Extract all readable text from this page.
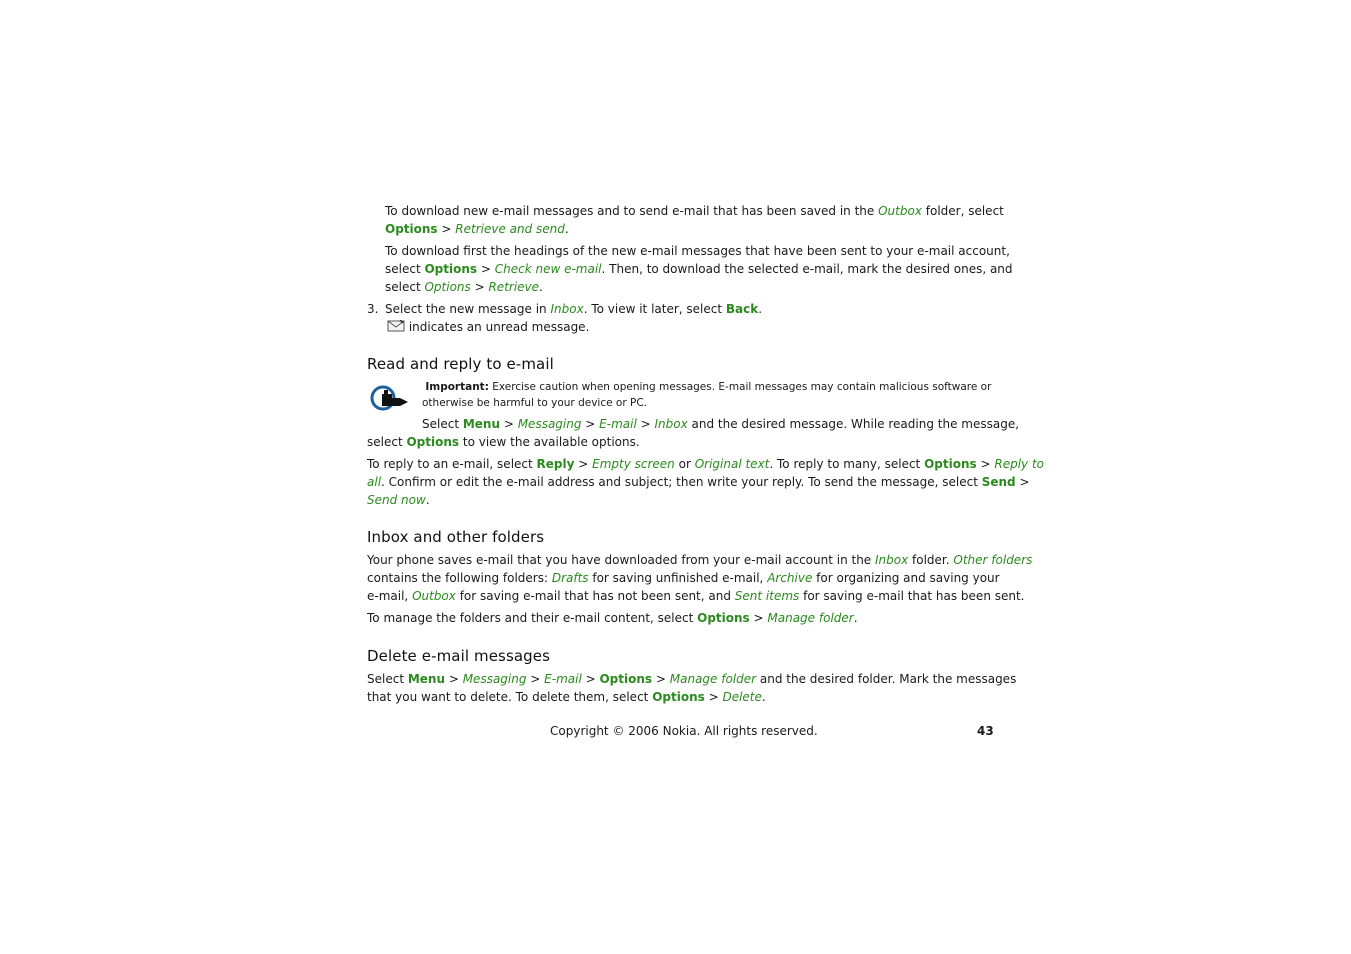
To download new e-mail messages and to send e-mail that has been saved in the Outbox folder, select
Options > Retrieve and send.
To download first the headings of the new e-mail messages that have been sent to your e-mail account,
select Options > Check new e-mail. Then, to download the selected e-mail, mark the desired ones, and
select Options > Retrieve.
3. Select the new message in Inbox. To view it later, select Back.
indicates an unread message.
Read and reply to e-mail
Important: Exercise caution when opening messages. E-mail messages may contain malicious software or
otherwise be harmful to your device or PC.
Select Menu > Messaging > E-mail > Inbox and the desired message. While reading the message,
select Options to view the available options.
To reply to an e-mail, select Reply > Empty screen or Original text. To reply to many, select Options > Reply to
all. Confirm or edit the e-mail address and subject; then write your reply. To send the message, select Send >
Send now.
Inbox and other folders
Your phone saves e-mail that you have downloaded from your e-mail account in the Inbox folder. Other folders
contains the following folders: Drafts for saving unfinished e-mail, Archive for organizing and saving your
e-mail, Outbox for saving e-mail that has not been sent, and Sent items for saving e-mail that has been sent.
To manage the folders and their e-mail content, select Options > Manage folder.
Delete e-mail messages
Select Menu > Messaging > E-mail > Options > Manage folder and the desired folder. Mark the messages
that you want to delete. To delete them, select Options > Delete.
Copyright © 2006 Nokia. All rights reserved.	43
